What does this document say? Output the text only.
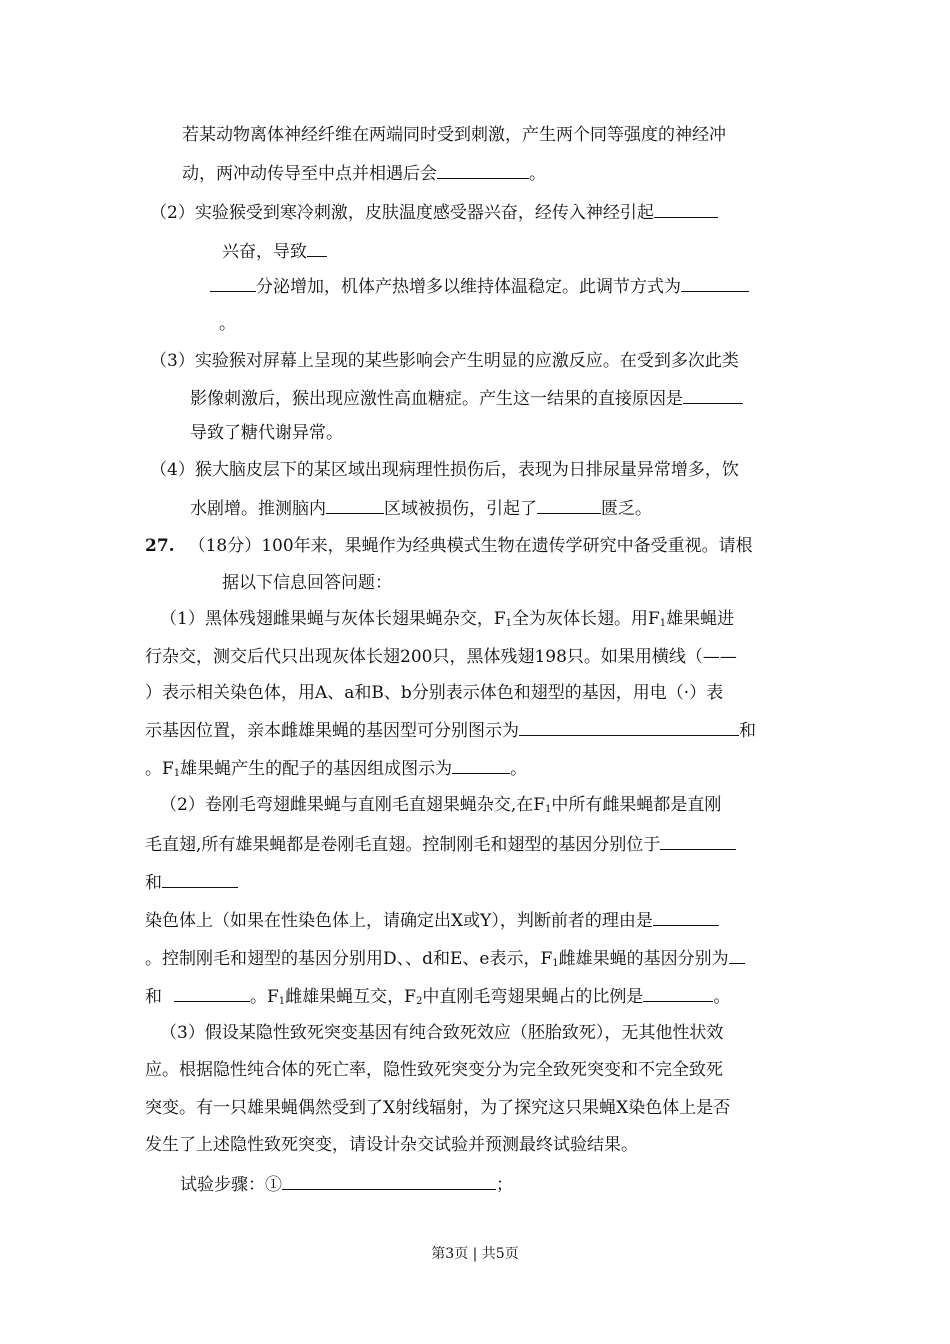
若某动物离体神经纤维在两端同时受到刺激，产生两个同等强度的神经冲
动，两冲动传导至中点并相遇后会	。
（2）实验猴受到寒冷刺激，皮肤温度感受器兴奋，经传入神经引起
兴奋，导致
分泌增加，机体产热增多以维持体温稳定。此调节方式为
。
（3）实验猴对屏幕上呈现的某些影响会产生明显的应激反应。在受到多次此类
影像刺激后，猴出现应激性高血糖症。产生这一结果的直接原因是
导致了糖代谢异常。
（4）猴大脑皮层下的某区域出现病理性损伤后，表现为日排尿量异常增多，饮
水剧增。推测脑内	区域被损伤，引起了	匮乏。
27. （18分）100年来，果蝇作为经典模式生物在遗传学研究中备受重视。请根
据以下信息回答问题：
（1）黑体残翅雌果蝇与灰体长翅果蝇杂交，$F_1$全为灰体长翅。用$F_1$雄果蝇进
行杂交，测交后代只出现灰体长翅200只，黑体残翅198只。如果用横线（——
）表示相关染色体，用A、a和B、b分别表示体色和翅型的基因，用电（·）表
示基因位置，亲本雌雄果蝇的基因型可分别图示为	和
。$F_1$雄果蝇产生的配子的基因组成图示为	。
（2）卷刚毛弯翅雌果蝇与直刚毛直翅果蝇杂交,在$F_1$中所有雌果蝇都是直刚
毛直翅,所有雄果蝇都是卷刚毛直翅。控制刚毛和翅型的基因分别位于
和
染色体上（如果在性染色体上，请确定出X或Y），判断前者的理由是
。控制刚毛和翅型的基因分别用D、、d和E、e表示，$F_1$雌雄果蝇的基因分别为
和	。$F_1$雌雄果蝇互交，$F_2$中直刚毛弯翅果蝇占的比例是	。
（3）假设某隐性致死突变基因有纯合致死效应（胚胎致死），无其他性状效
应。根据隐性纯合体的死亡率，隐性致死突变分为完全致死突变和不完全致死
突变。有一只雄果蝇偶然受到了X射线辐射，为了探究这只果蝇X染色体上是否
发生了上述隐性致死突变，请设计杂交试验并预测最终试验结果。
试验步骤：①	；
第3页 | 共5页
